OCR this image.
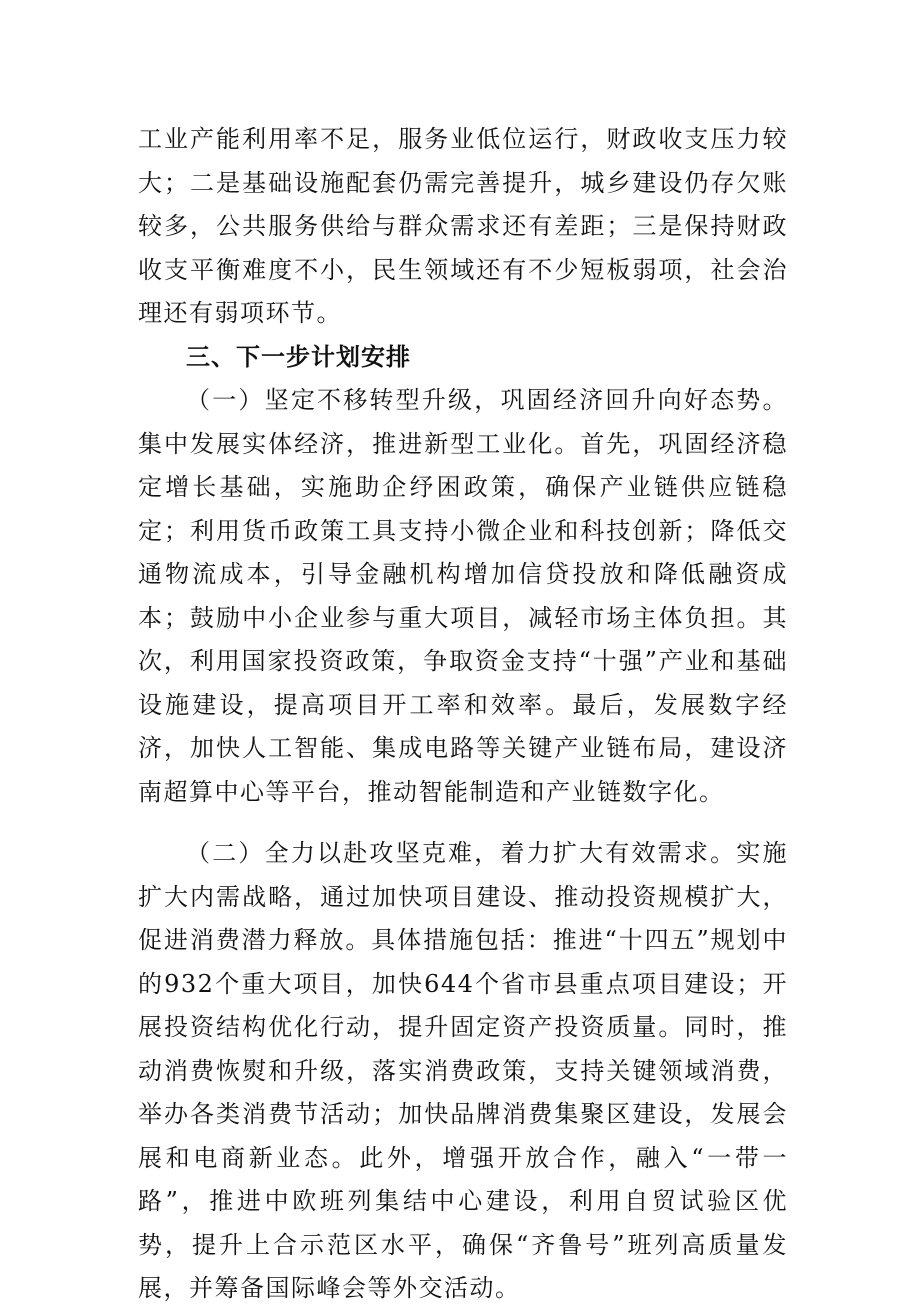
工业产能利用率不足，服务业低位运行，财政收支压力较大；二是基础设施配套仍需完善提升，城乡建设仍存欠账较多，公共服务供给与群众需求还有差距；三是保持财政收支平衡难度不小，民生领域还有不少短板弱项，社会治理还有弱项环节。

三、下一步计划安排

（一）坚定不移转型升级，巩固经济回升向好态势。集中发展实体经济，推进新型工业化。首先，巩固经济稳定增长基础，实施助企纾困政策，确保产业链供应链稳定；利用货币政策工具支持小微企业和科技创新；降低交通物流成本，引导金融机构增加信贷投放和降低融资成本；鼓励中小企业参与重大项目，减轻市场主体负担。其次，利用国家投资政策，争取资金支持“十强”产业和基础设施建设，提高项目开工率和效率。最后，发展数字经济，加快人工智能、集成电路等关键产业链布局，建设济南超算中心等平台，推动智能制造和产业链数字化。

（二）全力以赴攻坚克难，着力扩大有效需求。实施扩大内需战略，通过加快项目建设、推动投资规模扩大，促进消费潜力释放。具体措施包括：推进“十四五”规划中的932个重大项目，加快644个省市县重点项目建设；开展投资结构优化行动，提升固定资产投资质量。同时，推动消费恢熨和升级，落实消费政策，支持关键领域消费，举办各类消费节活动；加快品牌消费集聚区建设，发展会展和电商新业态。此外，增强开放合作，融入“一带一路”，推进中欧班列集结中心建设，利用自贸试验区优势，提升上合示范区水平，确保“齐鲁号”班列高质量发展，并筹备国际峰会等外交活动。
